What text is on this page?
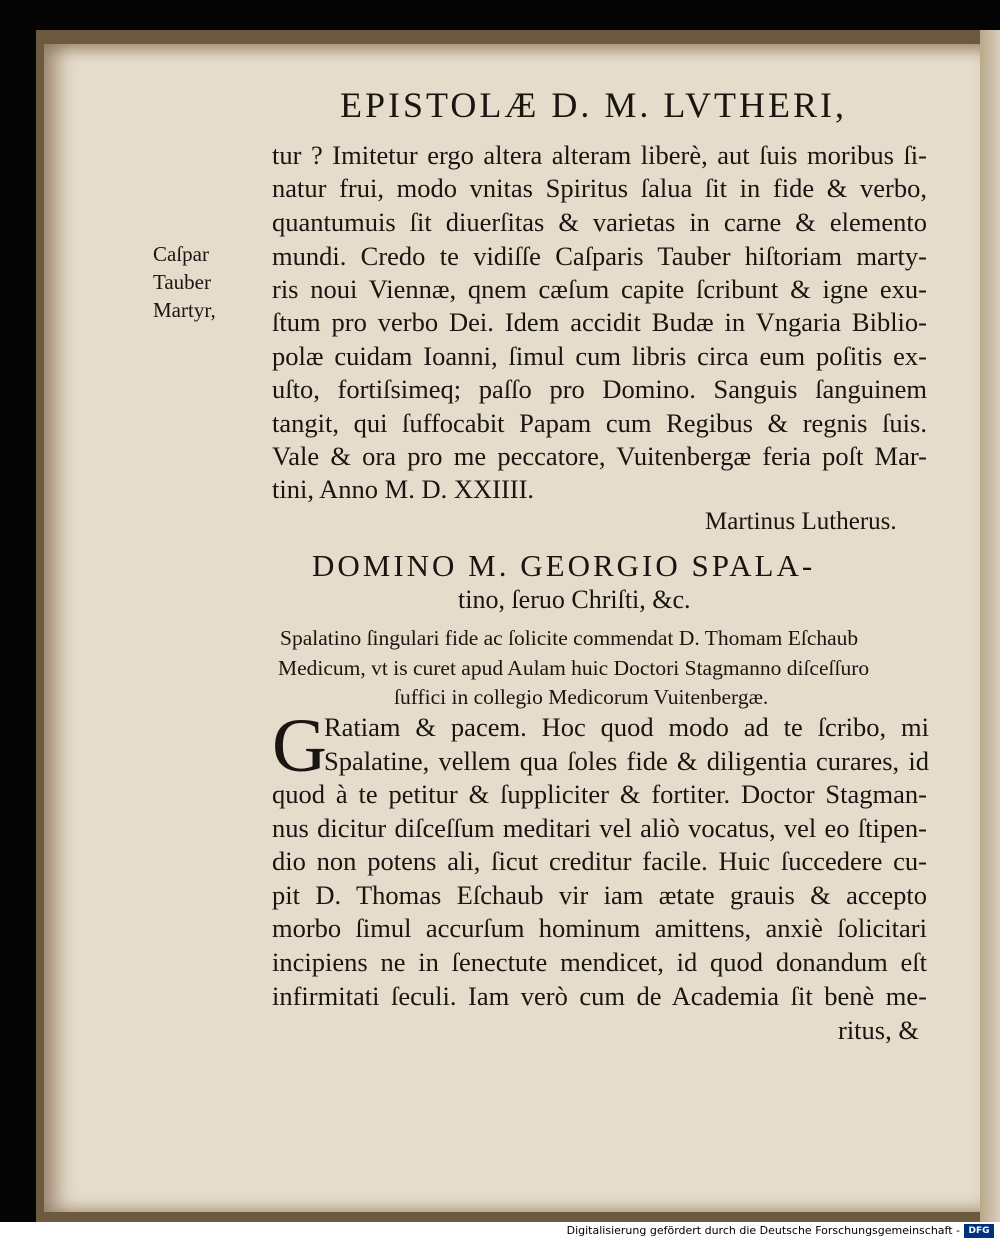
EPISTOLÆ D. M. LVTHERI,
Caſpar
Tauber
Martyr,
tur ? Imitetur ergo altera alteram liberè, aut ſuis moribus ſi-
natur frui, modo vnitas Spiritus ſalua ſit in fide & verbo,
quantumuis ſit diuerſitas & varietas in carne & elemento
mundi. Credo te vidiſſe Caſparis Tauber hiſtoriam marty-
ris noui Viennæ, qnem cæſum capite ſcribunt & igne exu-
ſtum pro verbo Dei. Idem accidit Budæ in Vngaria Biblio-
polæ cuidam Ioanni, ſimul cum libris circa eum poſitis ex-
uſto, fortiſsimeq; paſſo pro Domino. Sanguis ſanguinem
tangit, qui ſuffocabit Papam cum Regibus & regnis ſuis.
Vale & ora pro me peccatore, Vuitenbergæ feria poſt Mar-
tini, Anno M. D. XXIIII.
Martinus Lutherus.
DOMINO M. GEORGIO SPALA-
tino, ſeruo Chriſti, &c.
Spalatino ſingulari fide ac ſolicite commendat D. Thomam Eſchaub
Medicum, vt is curet apud Aulam huic Doctori Stagmanno diſceſſuro
ſuffici in collegio Medicorum Vuitenbergæ.
G
Ratiam & pacem. Hoc quod modo ad te ſcribo, mi
Spalatine, vellem qua ſoles fide & diligentia curares, id
quod à te petitur & ſuppliciter & fortiter. Doctor Stagman-
nus dicitur diſceſſum meditari vel aliò vocatus, vel eo ſtipen-
dio non potens ali, ſicut creditur facile. Huic ſuccedere cu-
pit D. Thomas Eſchaub vir iam ætate grauis & accepto
morbo ſimul accurſum hominum amittens, anxiè ſolicitari
incipiens ne in ſenectute mendicet, id quod donandum eſt
infirmitati ſeculi. Iam verò cum de Academia ſit benè me-
ritus, &
Digitalisierung gefördert durch die Deutsche Forschungsgemeinschaft - DFG
